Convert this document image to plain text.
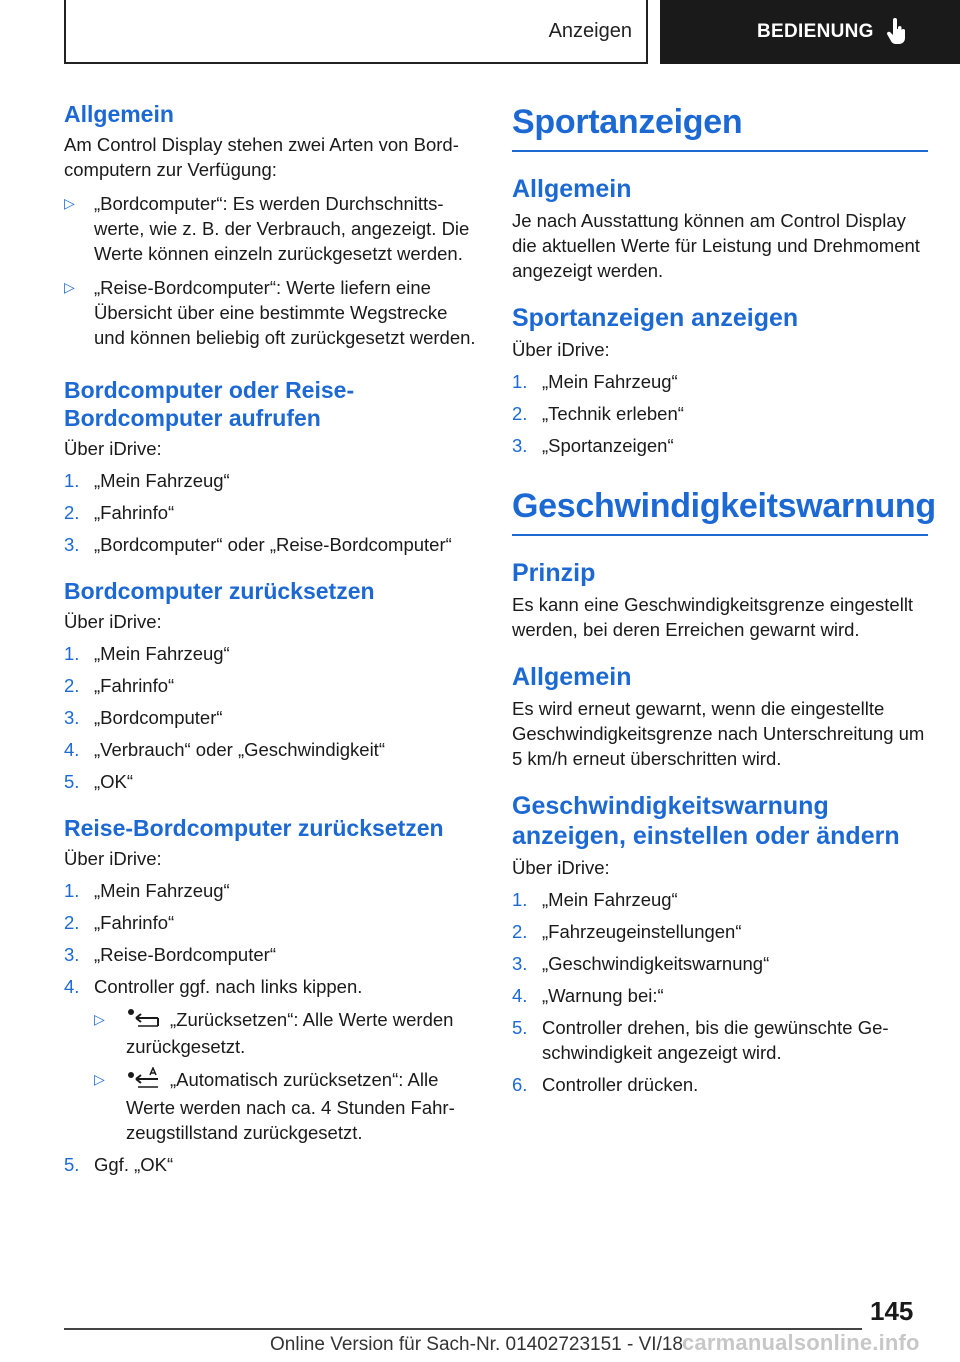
Anzeigen	BEDIENUNG
Allgemein

Am Control Display stehen zwei Arten von Bordcomputern zur Verfügung:

▷ „Bordcomputer“: Es werden Durchschnittswerte, wie z. B. der Verbrauch, angezeigt. Die Werte können einzeln zurückgesetzt werden.
▷ „Reise-Bordcomputer“: Werte liefern eine Übersicht über eine bestimmte Wegstrecke und können beliebig oft zurückgesetzt werden.
Bordcomputer oder Reise-Bordcomputer aufrufen

Über iDrive:

1. „Mein Fahrzeug“
2. „Fahrinfo“
3. „Bordcomputer“ oder „Reise-Bordcomputer“
Bordcomputer zurücksetzen

Über iDrive:

1. „Mein Fahrzeug“
2. „Fahrinfo“
3. „Bordcomputer“
4. „Verbrauch“ oder „Geschwindigkeit“
5. „OK“
Reise-Bordcomputer zurücksetzen

Über iDrive:

1. „Mein Fahrzeug“
2. „Fahrinfo“
3. „Reise-Bordcomputer“
4. Controller ggf. nach links kippen.
▷	„Zurücksetzen“: Alle Werte werden zurückgesetzt.
▷	„Automatisch zurücksetzen“: Alle Werte werden nach ca. 4 Stunden Fahrzeugstillstand zurückgesetzt.
5. Ggf. „OK“
Sportanzeigen
Allgemein

Je nach Ausstattung können am Control Display die aktuellen Werte für Leistung und Drehmoment angezeigt werden.

Sportanzeigen anzeigen

Über iDrive:

1. „Mein Fahrzeug“
2. „Technik erleben“
3. „Sportanzeigen“
Geschwindigkeitswarnung
Prinzip

Es kann eine Geschwindigkeitsgrenze eingestellt werden, bei deren Erreichen gewarnt wird.

Allgemein

Es wird erneut gewarnt, wenn die eingestellte Geschwindigkeitsgrenze nach Unterschreitung um 5 km/h erneut überschritten wird.

Geschwindigkeitswarnung anzeigen, einstellen oder ändern

Über iDrive:

1. „Mein Fahrzeug“
2. „Fahrzeugeinstellungen“
3. „Geschwindigkeitswarnung“
4. „Warnung bei:“
5. Controller drehen, bis die gewünschte Geschwindigkeit angezeigt wird.
6. Controller drücken.
145
Online Version für Sach-Nr. 01402723151 - VI/18 carmanualsonline.info
